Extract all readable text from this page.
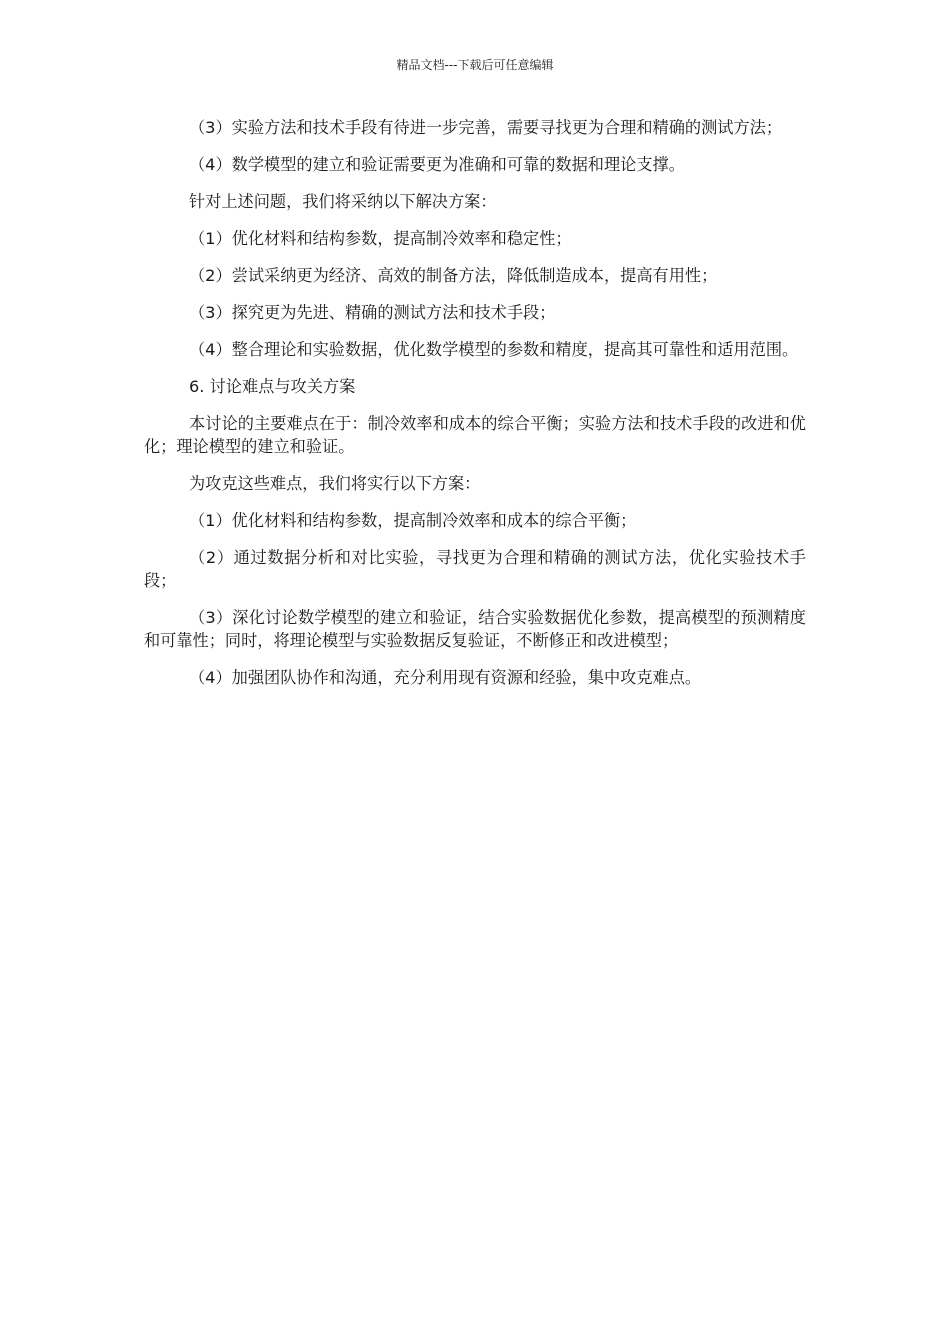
精品文档---下载后可任意编辑

（3）实验方法和技术手段有待进一步完善，需要寻找更为合理和精确的测试方法；

（4）数学模型的建立和验证需要更为准确和可靠的数据和理论支撑。

针对上述问题，我们将采纳以下解决方案：

（1）优化材料和结构参数，提高制冷效率和稳定性；

（2）尝试采纳更为经济、高效的制备方法，降低制造成本，提高有用性；

（3）探究更为先进、精确的测试方法和技术手段；

（4）整合理论和实验数据，优化数学模型的参数和精度，提高其可靠性和适用范围。

6. 讨论难点与攻关方案

本讨论的主要难点在于：制冷效率和成本的综合平衡；实验方法和技术手段的改进和优化；理论模型的建立和验证。

为攻克这些难点，我们将实行以下方案：

（1）优化材料和结构参数，提高制冷效率和成本的综合平衡；

（2）通过数据分析和对比实验，寻找更为合理和精确的测试方法，优化实验技术手段；

（3）深化讨论数学模型的建立和验证，结合实验数据优化参数，提高模型的预测精度和可靠性；同时，将理论模型与实验数据反复验证，不断修正和改进模型；

（4）加强团队协作和沟通，充分利用现有资源和经验，集中攻克难点。
